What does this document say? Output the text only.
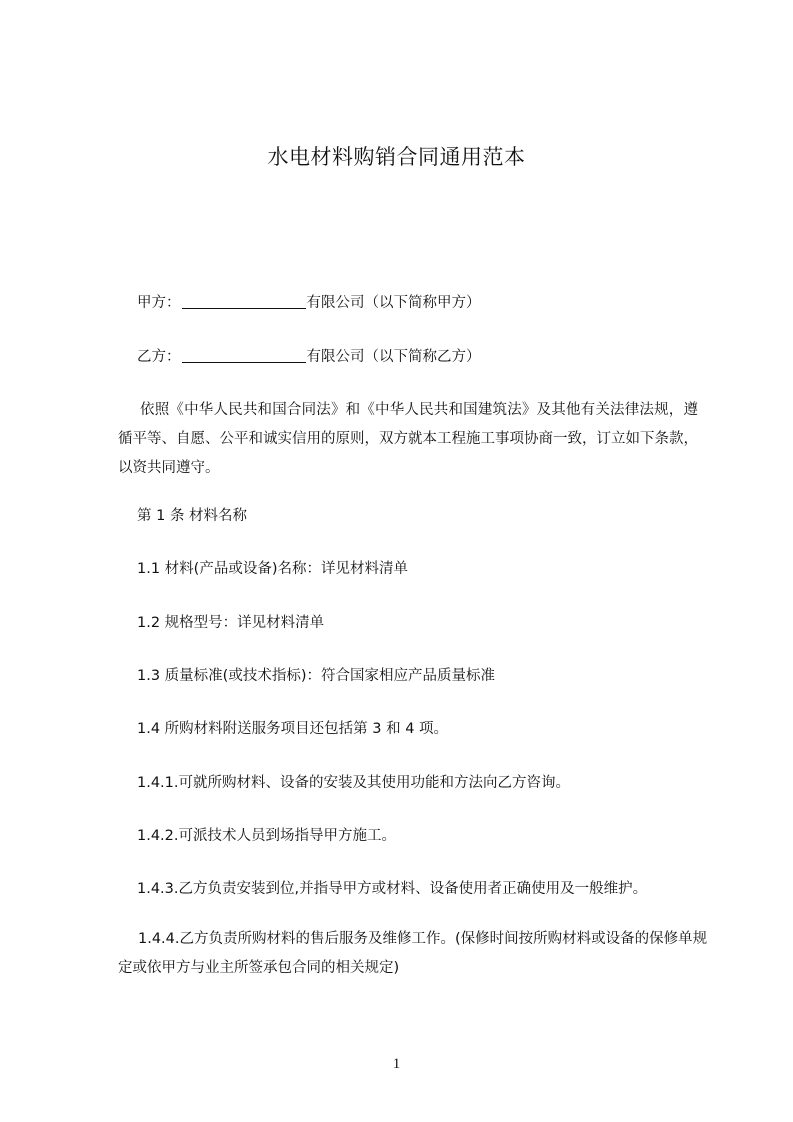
水电材料购销合同通用范本
甲方：	有限公司（以下简称甲方）
乙方：	有限公司（以下简称乙方）
依照《中华人民共和国合同法》和《中华人民共和国建筑法》及其他有关法律法规，遵循平等、自愿、公平和诚实信用的原则，双方就本工程施工事项协商一致，订立如下条款，以资共同遵守。
第 1 条 材料名称
1.1 材料(产品或设备)名称：详见材料清单
1.2 规格型号：详见材料清单
1.3 质量标准(或技术指标)：符合国家相应产品质量标准
1.4 所购材料附送服务项目还包括第 3 和 4 项。
1.4.1.可就所购材料、设备的安装及其使用功能和方法向乙方咨询。
1.4.2.可派技术人员到场指导甲方施工。
1.4.3.乙方负责安装到位,并指导甲方或材料、设备使用者正确使用及一般维护。
1.4.4.乙方负责所购材料的售后服务及维修工作。(保修时间按所购材料或设备的保修单规定或依甲方与业主所签承包合同的相关规定)
1
